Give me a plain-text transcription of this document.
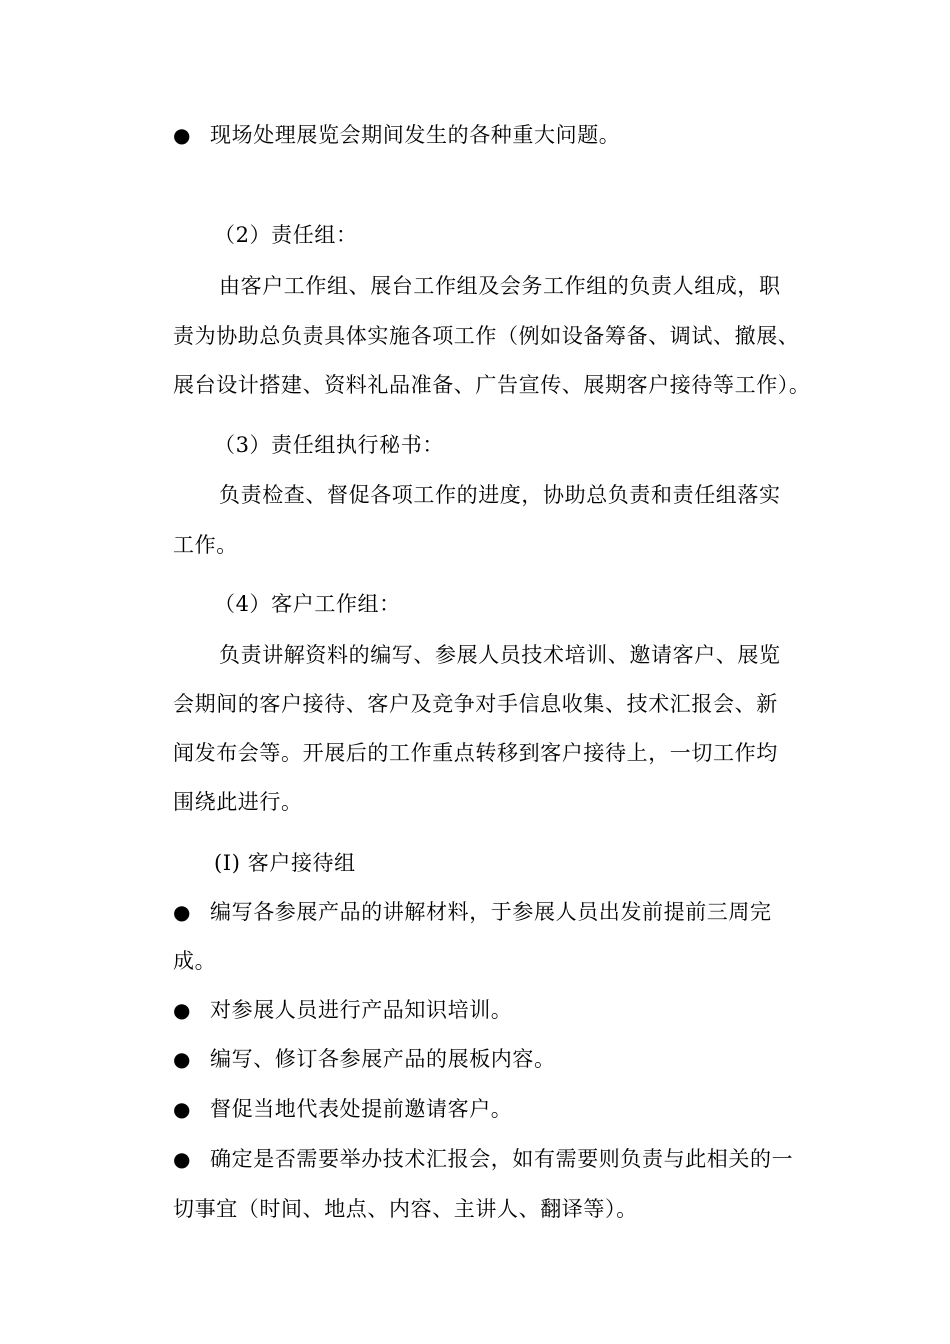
● 现场处理展览会期间发生的各种重大问题。
（2）责任组：
由客户工作组、展台工作组及会务工作组的负责人组成，职
责为协助总负责具体实施各项工作（例如设备筹备、调试、撤展、
展台设计搭建、资料礼品准备、广告宣传、展期客户接待等工作）。
（3）责任组执行秘书：
负责检查、督促各项工作的进度，协助总负责和责任组落实
工作。
（4）客户工作组：
负责讲解资料的编写、参展人员技术培训、邀请客户、展览
会期间的客户接待、客户及竞争对手信息收集、技术汇报会、新
闻发布会等。开展后的工作重点转移到客户接待上，一切工作均
围绕此进行。
(I) 客户接待组
● 编写各参展产品的讲解材料，于参展人员出发前提前三周完
成。
● 对参展人员进行产品知识培训。
● 编写、修订各参展产品的展板内容。
● 督促当地代表处提前邀请客户。
● 确定是否需要举办技术汇报会，如有需要则负责与此相关的一
切事宜（时间、地点、内容、主讲人、翻译等）。
